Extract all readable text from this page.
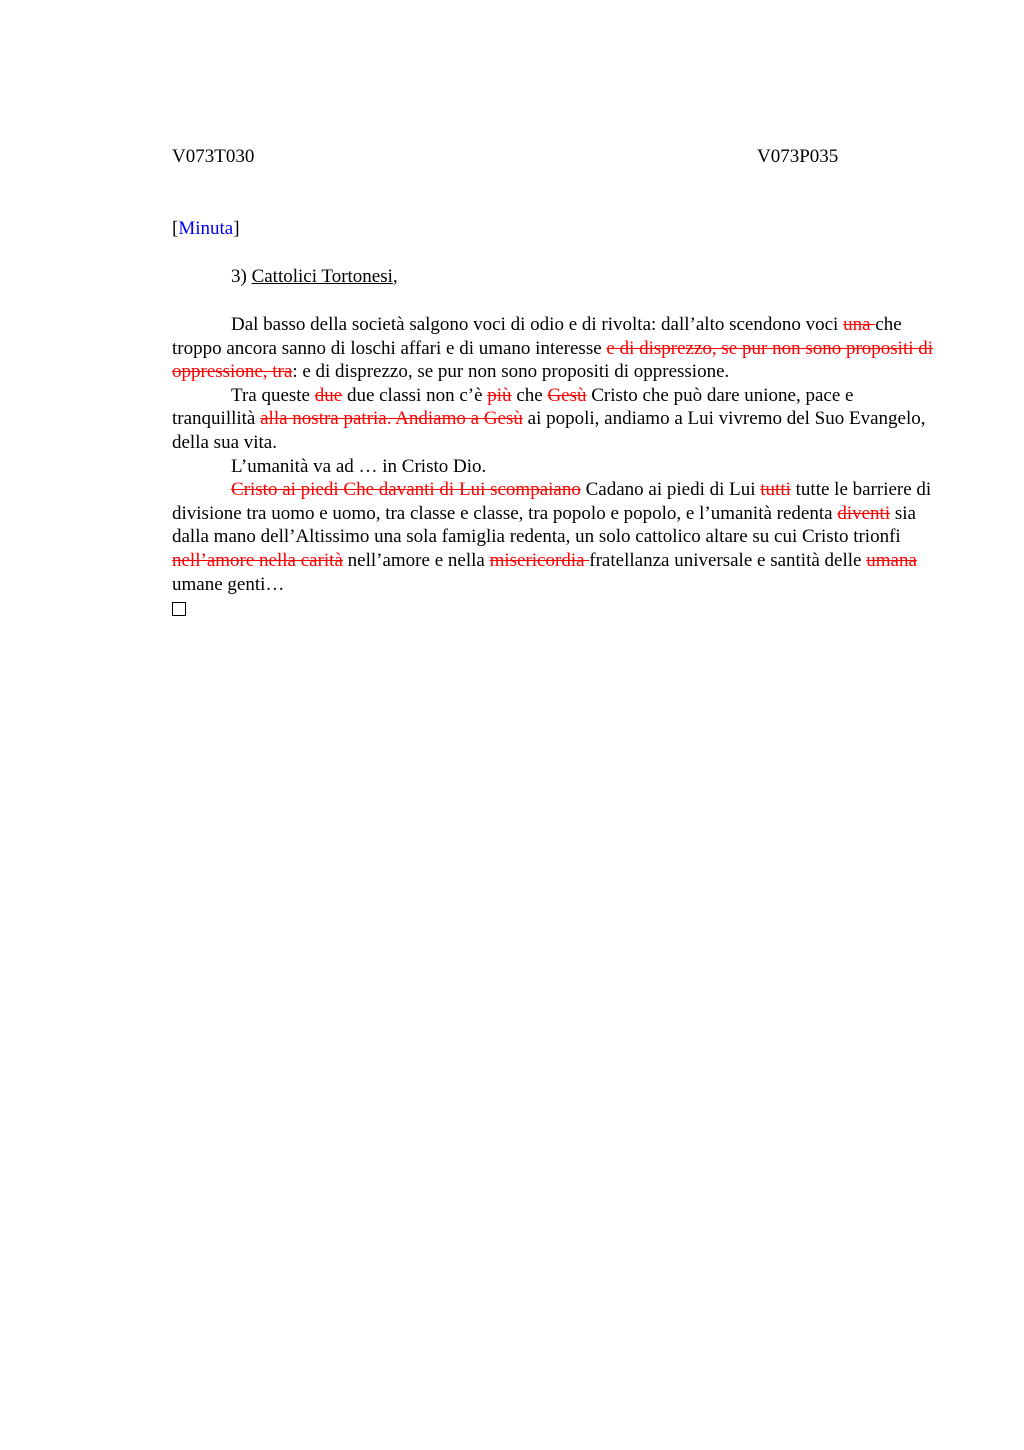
V073T030	V073P035
[Minuta]
3) Cattolici Tortonesi,

Dal basso della società salgono voci di odio e di rivolta: dall’alto scendono voci una che troppo ancora sanno di loschi affari e di umano interesse e di disprezzo, se pur non sono propositi di oppressione, tra: e di disprezzo, se pur non sono propositi di oppressione.

Tra queste due due classi non c’è più che Gesù Cristo che può dare unione, pace e tranquillità alla nostra patria. Andiamo a Gesù ai popoli, andiamo a Lui vivremo del Suo Evangelo, della sua vita.

L’umanità va ad … in Cristo Dio.

Cristo ai piedi Che davanti di Lui scompaiano Cadano ai piedi di Lui tutti tutte le barriere di divisione tra uomo e uomo, tra classe e classe, tra popolo e popolo, e l’umanità redenta diventi sia dalla mano dell’Altissimo una sola famiglia redenta, un solo cattolico altare su cui Cristo trionfi nell’amore nella carità nell’amore e nella misericordia fratellanza universale e santità delle umana umane genti…
